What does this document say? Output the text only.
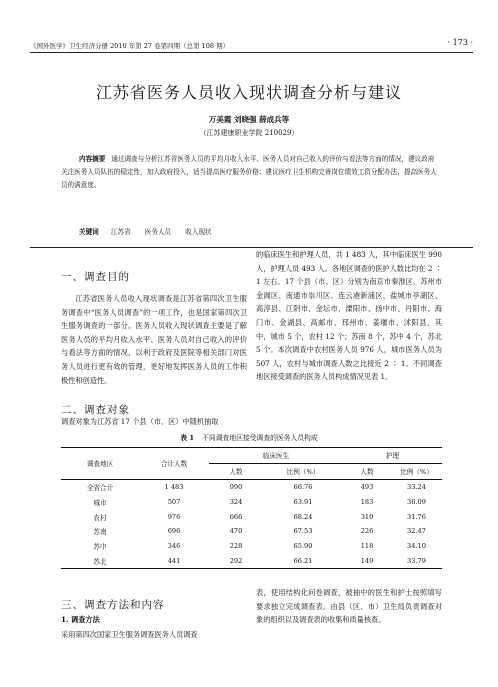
《国外医学》卫生经济分册 2010 年第 27 卷第四期（总第 108 期）	· 173 ·
江苏省医务人员收入现状调查分析与建议
万美霞 刘晓强 薛成兵等
（江苏建康职业学院 210029）
内容摘要 通过调查与分析江苏省医务人员的平均月收入水平、医务人员对自己收入的评价与看法等方面的情况，建议政府关注医务人员队伍的稳定性，加大政府投入，适当提高医疗服务价格；建议医疗卫生机构完善岗位绩效工资分配办法，提高医务人员的满意度。
关键词 江苏省 医务人员 收入现状
一、调查目的

江苏省医务人员收入现状调查是江苏省第四次卫生服务调查中“医务人员调查”的一项工作，也是国家第四次卫生服务调查的一部分。医务人员收入现状调查主要是了解医务人员的平均月收入水平、医务人员对自己收入的评价与看法等方面的情况，以利于政府及医院等相关部门对医务人员进行更有效的管理，更好地发挥医务人员的工作积极性和创造性。

二、调查对象

调查对象为江苏省 17 个县（市、区）中随机抽取

的临床医生和护理人员，共 1 483 人，其中临床医生 990 人，护理人员 493 人。各地区调查的医护人数比均在 2 ∶ 1 左右。17 个县（市、区）分别为南京市秦淮区、苏州市金阊区、南通市崇川区、连云港新浦区、盐城市亭湖区、高淳县、江阴市、金坛市、溧阳市、扬中市、丹阳市、海门市、金湖县、高邮市、邳州市、姜堰市、沭阳县，其中，城市 5 个，农村 12 个；苏南 8 个，苏中 4 个，苏北 5 个。本次调查中农村医务人员 976 人，城市医务人员为 507 人，农村与城市调查人数之比接近 2 ∶ 1。不同调查地区接受调查的医务人员构成情况见表 1。

表 1 不同调查地区接受调查的医务人员构成
调查地区	合计人数	临床医生		护理	
		人数	比例（%）	人数	比例（%）
全省合计	1 483	990	66.76	493	33.24
城市	507	324	63.91	183	36.09
农村	976	666	68.24	310	31.76
苏南	696	470	67.53	226	32.47
苏中	346	228	65.90	118	34.10
苏北	441	292	66.21	149	33.79
三、调查方法和内容
1. 调查方法

采用第四次国家卫生服务调查医务人员调查

表，使用结构化问卷调查，被抽中的医生和护士按照填写要求独立完成调查表。由县（区、市）卫生局负责调查对象的组织以及调查表的收集和质量核查。
